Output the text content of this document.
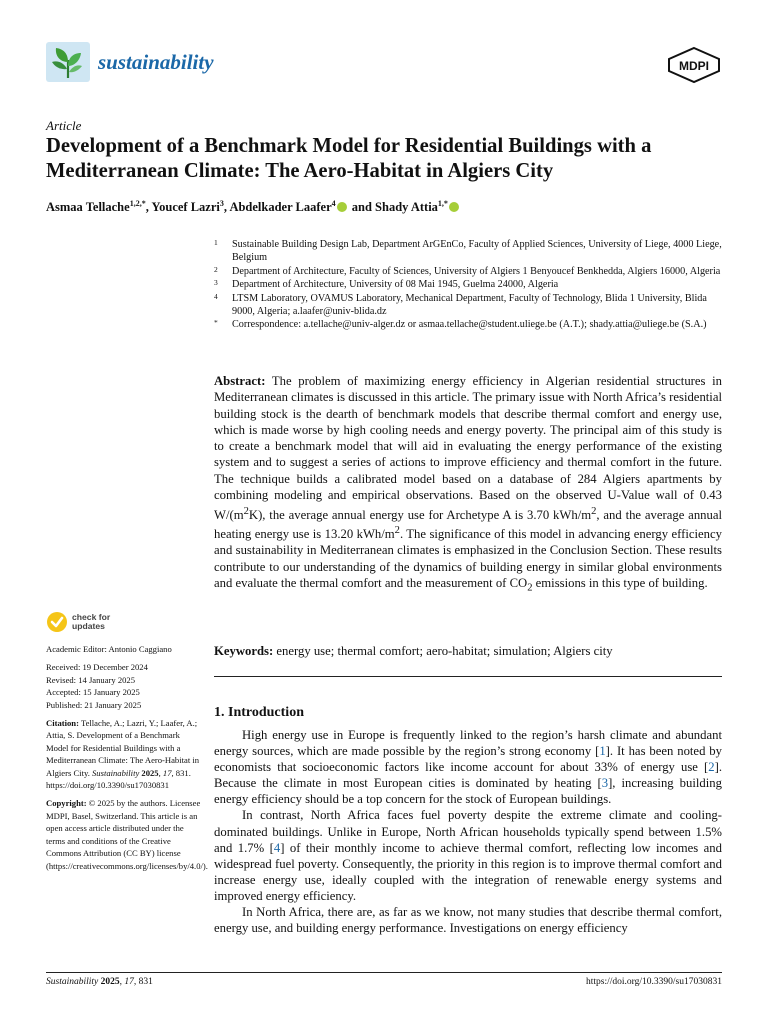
sustainability	MDPI
Article
Development of a Benchmark Model for Residential Buildings with a Mediterranean Climate: The Aero-Habitat in Algiers City
Asmaa Tellache$^{1,2,*}$, Youcef Lazri$^3$, Abdelkader Laafer$^4$ and Shady Attia$^{1,*}$
1	Sustainable Building Design Lab, Department ArGEnCo, Faculty of Applied Sciences, University of Liege, 4000 Liege, Belgium
2	Department of Architecture, Faculty of Sciences, University of Algiers 1 Benyoucef Benkhedda, Algiers 16000, Algeria
3	Department of Architecture, University of 08 Mai 1945, Guelma 24000, Algeria
4	LTSM Laboratory, OVAMUS Laboratory, Mechanical Department, Faculty of Technology, Blida 1 University, Blida 9000, Algeria; a.laafer@univ-blida.dz
*	Correspondence: a.tellache@univ-alger.dz or asmaa.tellache@student.uliege.be (A.T.); shady.attia@uliege.be (S.A.)
Abstract: The problem of maximizing energy efficiency in Algerian residential structures in Mediterranean climates is discussed in this article. The primary issue with North Africa’s residential building stock is the dearth of benchmark models that describe thermal comfort and energy use, which is made worse by high cooling needs and energy poverty. The principal aim of this study is to create a benchmark model that will aid in evaluating the energy performance of the existing system and to suggest a series of actions to improve efficiency and thermal comfort in the future. The technique builds a calibrated model based on a database of 284 Algiers apartments by combining modeling and empirical observations. Based on the observed U-Value wall of 0.43 $W/(m^2K)$, the average annual energy use for Archetype A is 3.70 kWh/$m^2$, and the average annual heating energy use is 13.20 kWh/$m^2$. The significance of this model in advancing energy efficiency and sustainability in Mediterranean climates is emphasized in the Conclusion Section. These results contribute to our understanding of the dynamics of building energy in similar global environments and evaluate the thermal comfort and the measurement of $CO_2$ emissions in this type of building.
Keywords: energy use; thermal comfort; aero-habitat; simulation; Algiers city
check for
updates
Academic Editor: Antonio Caggiano
Received: 19 December 2024
Revised: 14 January 2025
Accepted: 15 January 2025
Published: 21 January 2025
Citation: Tellache, A.; Lazri, Y.; Laafer, A.; Attia, S. Development of a Benchmark Model for Residential Buildings with a Mediterranean Climate: The Aero-Habitat in Algiers City. Sustainability 2025, 17, 831. https://doi.org/10.3390/su17030831
Copyright: © 2025 by the authors. Licensee MDPI, Basel, Switzerland. This article is an open access article distributed under the terms and conditions of the Creative Commons Attribution (CC BY) license (https://creativecommons.org/licenses/by/4.0/).
1. Introduction

High energy use in Europe is frequently linked to the region’s harsh climate and abundant energy sources, which are made possible by the region’s strong economy [1]. It has been noted by economists that socioeconomic factors like income account for about 33% of energy use [2]. Because the climate in most European cities is dominated by heating [3], increasing building energy efficiency should be a top concern for the stock of European buildings.

In contrast, North Africa faces fuel poverty despite the extreme climate and cooling-dominated buildings. Unlike in Europe, North African households typically spend between 1.5% and 1.7% [4] of their monthly income to achieve thermal comfort, reflecting low incomes and widespread fuel poverty. Consequently, the priority in this region is to improve thermal comfort and increase energy use, ideally coupled with the integration of renewable energy systems and improved energy efficiency.

In North Africa, there are, as far as we know, not many studies that describe thermal comfort, energy use, and building energy performance. Investigations on energy efficiency

Sustainability 2025, 17, 831	https://doi.org/10.3390/su17030831
